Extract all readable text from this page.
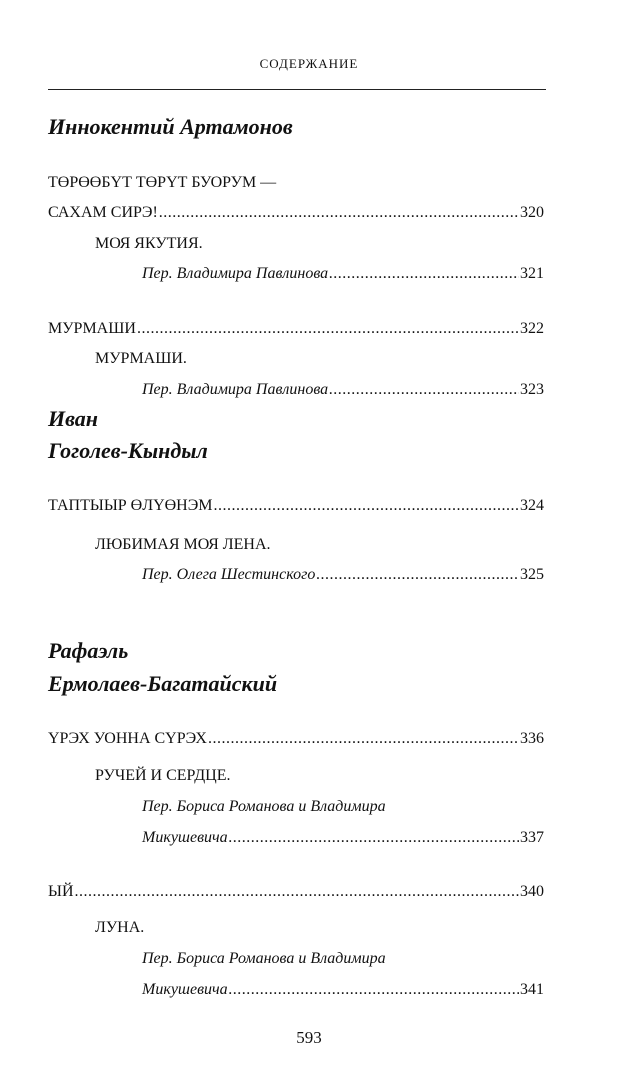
СОДЕРЖАНИЕ
Иннокентий Артамонов
ТӨРӨӨБҮТ ТӨРҮТ БУОРУМ —
САХАМ СИРЭ! .....	320
МОЯ ЯКУТИЯ.
Пер. Владимира Павлинова .....	321
МУРМАШИ .....	322
МУРМАШИ.
Пер. Владимира Павлинова .....	323
Иван
Гоголев-Кындыл
ТАПТЫЫР ӨЛҮӨНЭМ .....	324
ЛЮБИМАЯ МОЯ ЛЕНА.
Пер. Олега Шестинского .....	325
Рафаэль
Ермолаев-Багатайский
ҮРЭХ УОННА СҮРЭХ .....	336
РУЧЕЙ И СЕРДЦЕ.
Пер. Бориса Романова и Владимира
Микушевича .....	337
ЫЙ .....	340
ЛУНА.
Пер. Бориса Романова и Владимира
Микушевича .....	341
593
